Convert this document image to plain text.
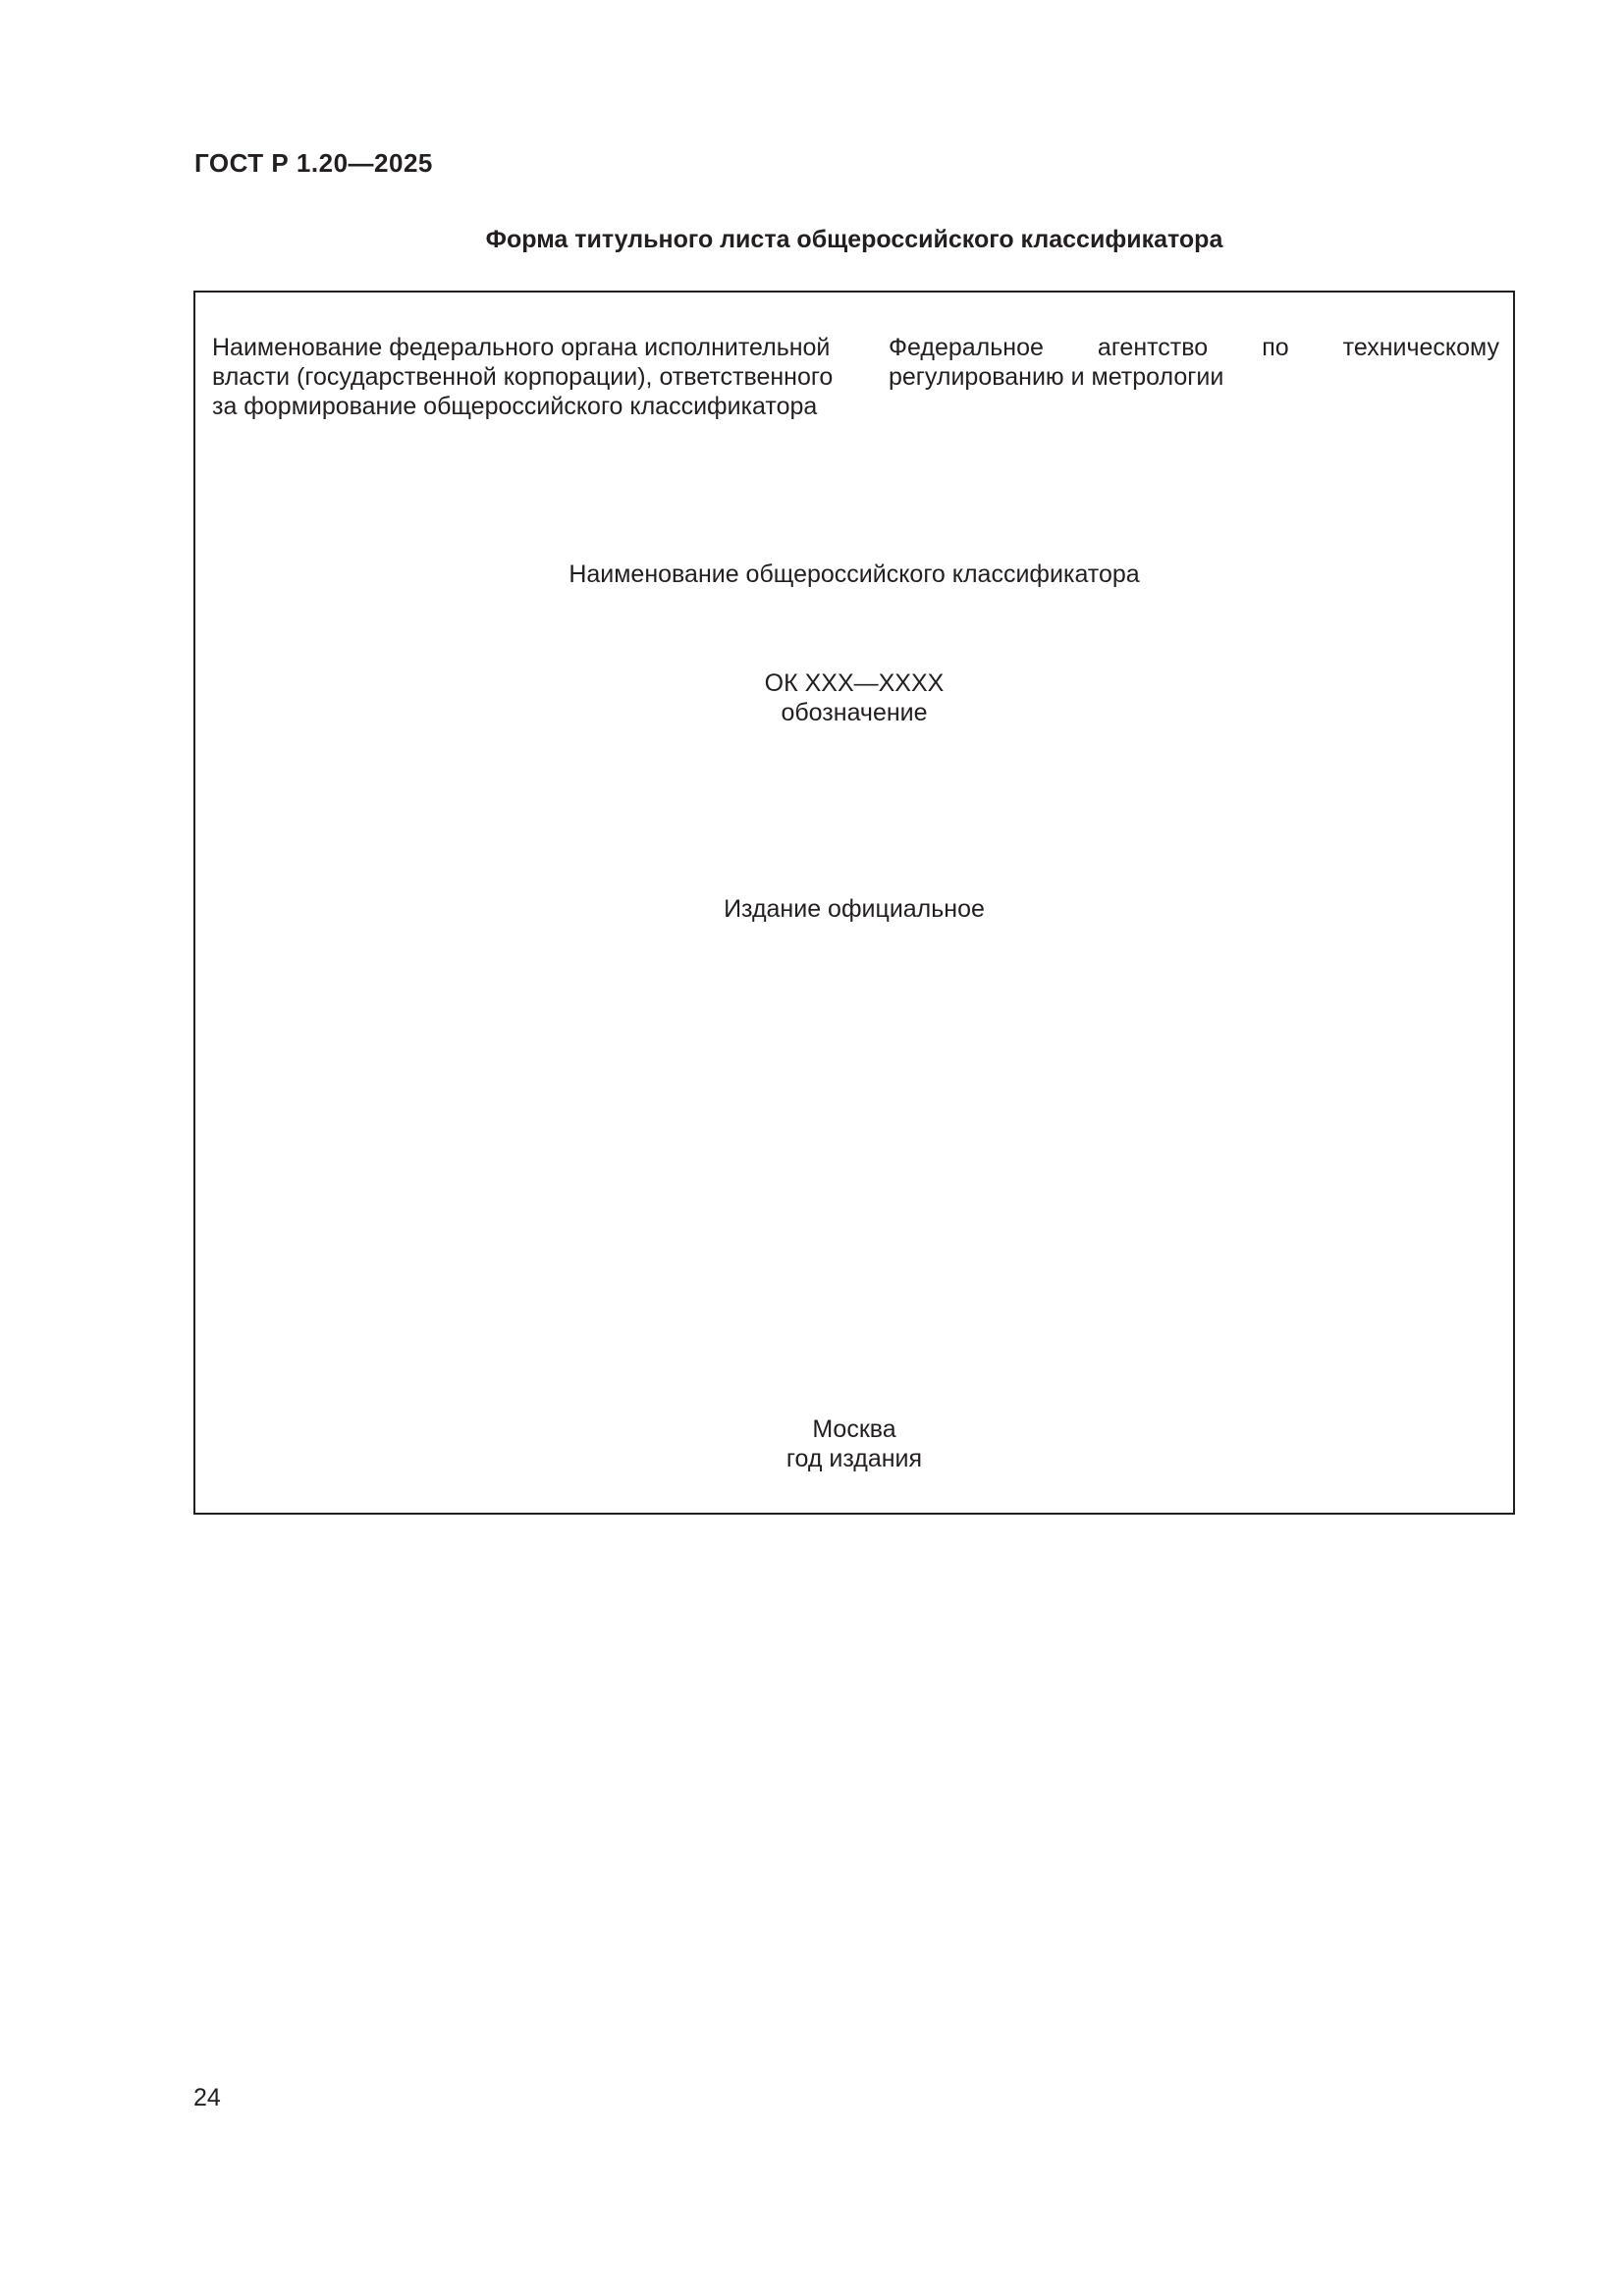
ГОСТ Р 1.20—2025
Форма титульного листа общероссийского классификатора
Наименование федерального органа исполнительной власти (государственной корпорации), ответственного за формирование общероссийского классификатора
Федеральное агентство по техническому регулированию и метрологии
Наименование общероссийского классификатора
ОК XXX—XXXX
обозначение
Издание официальное
Москва
год издания
24
